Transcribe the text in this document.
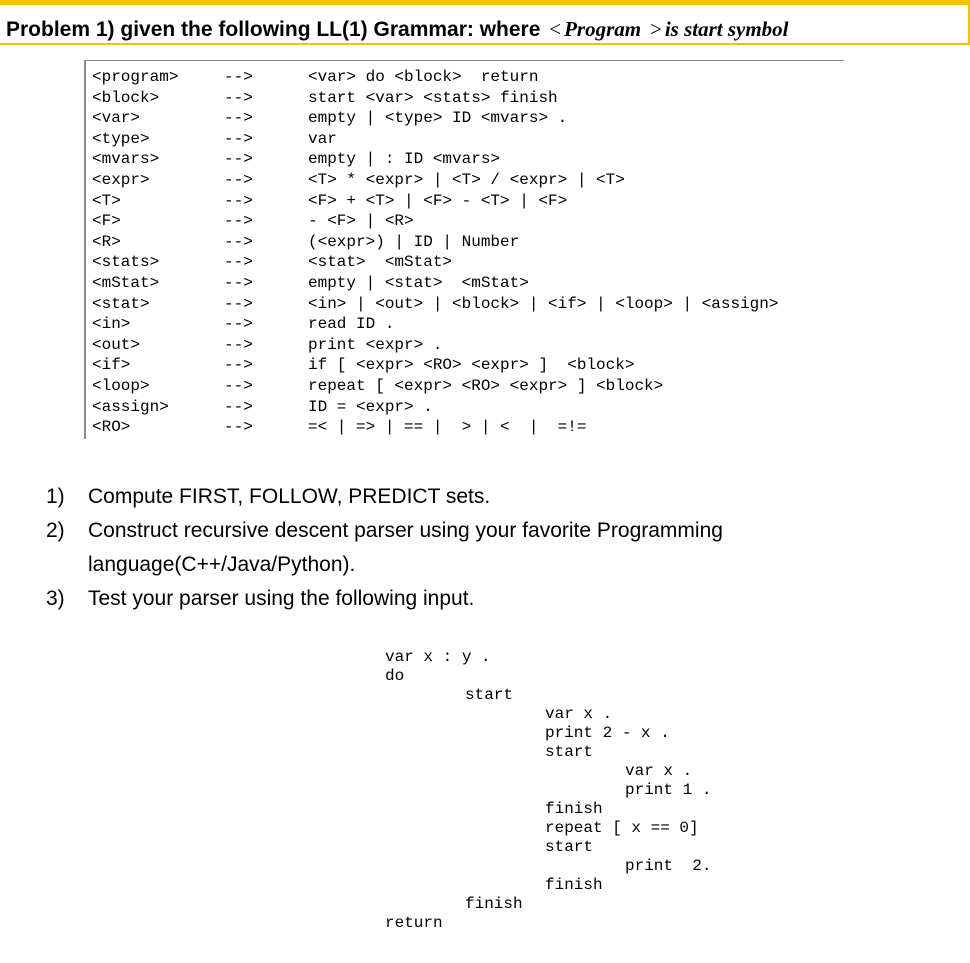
Problem 1) given the following LL(1) Grammar: where < Program > is start symbol
<program>	-->	<var> do <block>  return
<block>	-->	start <var> <stats> finish
<var>	-->	empty | <type> ID <mvars> .
<type>	-->	var
<mvars>	-->	empty | : ID <mvars>
<expr>	-->	<T> * <expr> | <T> / <expr> | <T>
<T>	-->	<F> + <T> | <F> - <T> | <F>
<F>	-->	- <F> | <R>
<R>	-->	(<expr>) | ID | Number
<stats>	-->	<stat>  <mStat>
<mStat>	-->	empty | <stat>  <mStat>
<stat>	-->	<in> | <out> | <block> | <if> | <loop> | <assign>
<in>	-->	read ID .
<out>	-->	print <expr> .
<if>	-->	if [ <expr> <RO> <expr> ]  <block>
<loop>	-->	repeat [ <expr> <RO> <expr> ] <block>
<assign>	-->	ID = <expr> .
<RO>	-->	=< | => | == |  > | <  |  =!=
1) Compute FIRST, FOLLOW, PREDICT sets.
2) Construct recursive descent parser using your favorite Programming
language(C++/Java/Python).
3) Test your parser using the following input.
var x : y .
do
start
var x .
print 2 - x .
start
var x .
print 1 .
finish
repeat [ x == 0]
start
print  2.
finish
finish
return
